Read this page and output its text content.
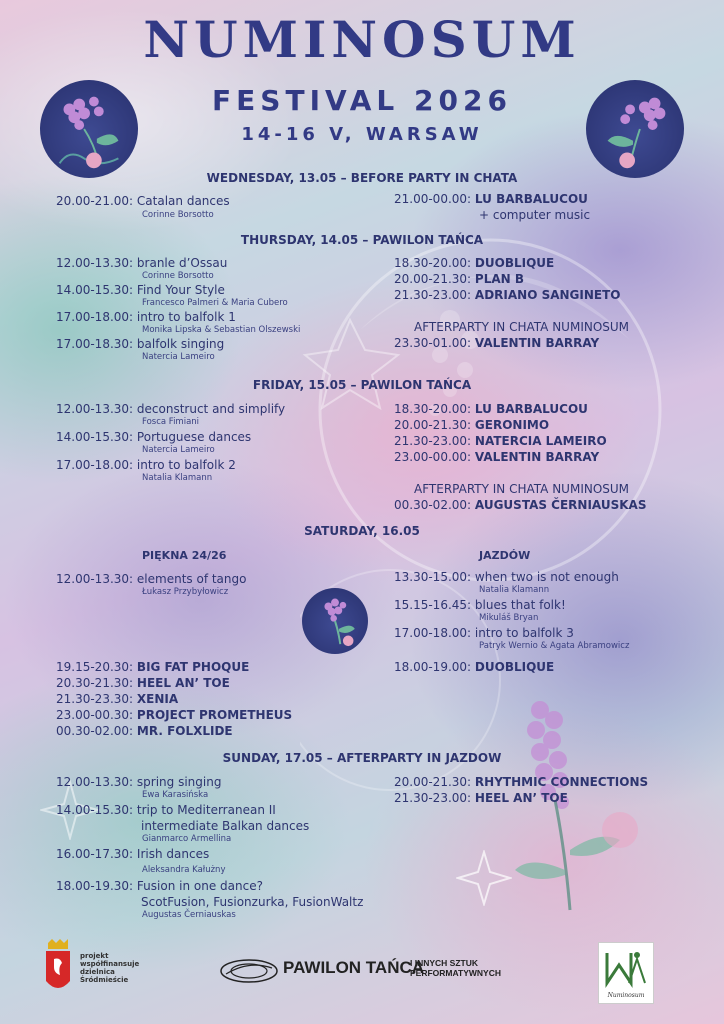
NUMINOSUM
FESTIVAL 2026
14-16 V, WARSAW
WEDNESDAY, 13.05 – BEFORE PARTY IN CHATA
20.00-21.00: Catalan dances
Corinne Borsotto
21.00-00.00: LU BARBALUCOU
+ computer music
THURSDAY, 14.05 – PAWILON TAŃCA
12.00-13.30: branle d’Ossau
Corinne Borsotto
14.00-15.30: Find Your Style
Francesco Palmeri & Maria Cubero
17.00-18.00: intro to balfolk 1
Monika Lipska & Sebastian Olszewski
17.00-18.30: balfolk singing
Natercia Lameiro
18.30-20.00: DUOBLIQUE
20.00-21.30: PLAN B
21.30-23.00: ADRIANO SANGINETO
AFTERPARTY IN CHATA NUMINOSUM
23.30-01.00: VALENTIN BARRAY
FRIDAY, 15.05 – PAWILON TAŃCA
12.00-13.30: deconstruct and simplify
Fosca Fimiani
14.00-15.30: Portuguese dances
Natercia Lameiro
17.00-18.00: intro to balfolk 2
Natalia Klamann
18.30-20.00: LU BARBALUCOU
20.00-21.30: GERONIMO
21.30-23.00: NATERCIA LAMEIRO
23.00-00.00: VALENTIN BARRAY
AFTERPARTY IN CHATA NUMINOSUM
00.30-02.00: AUGUSTAS ČERNIAUSKAS
SATURDAY, 16.05
PIĘKNA 24/26	JAZDÓW
12.00-13.30: elements of tango
Łukasz Przybyłowicz
19.15-20.30: BIG FAT PHOQUE
20.30-21.30: HEEL AN’ TOE
21.30-23.30: XENIA
23.00-00.30: PROJECT PROMETHEUS
00.30-02.00: MR. FOLXLIDE
13.30-15.00: when two is not enough
Natalia Klamann
15.15-16.45: blues that folk!
Mikuláš Bryan
17.00-18.00: intro to balfolk 3
Patryk Wernio & Agata Abramowicz
18.00-19.00: DUOBLIQUE
SUNDAY, 17.05 – AFTERPARTY IN JAZDOW
12.00-13.30: spring singing
Ewa Karasińska
14.00-15.30: trip to Mediterranean II
intermediate Balkan dances
Gianmarco Armellina
16.00-17.30: Irish dances
Aleksandra Kałużny
18.00-19.30: Fusion in one dance?
ScotFusion, Fusionzurka, FusionWaltz
Augustas Černiauskas
20.00-21.30: RHYTHMIC CONNECTIONS
21.30-23.00: HEEL AN’ TOE
projekt
współfinansuje
dzielnica
Śródmieście
PAWILON TAŃCA
I INNYCH SZTUK
PERFORMATYWNYCH
Numinosum
